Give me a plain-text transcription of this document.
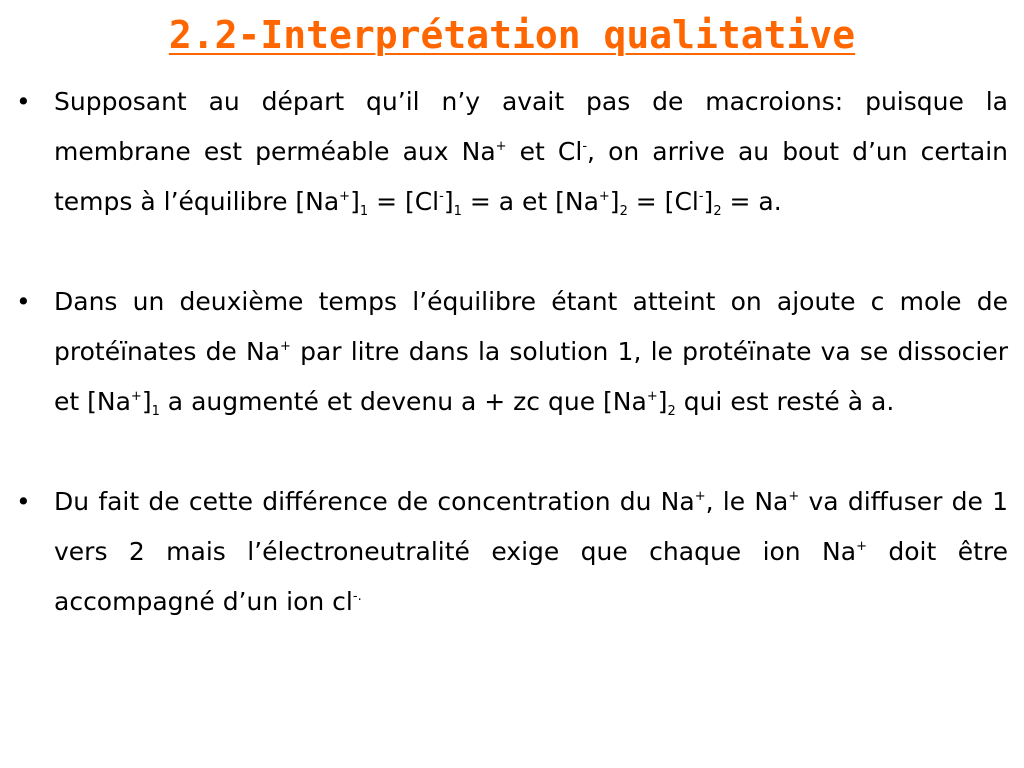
2.2-Interprétation qualitative
• Supposant au départ qu’il n’y avait pas de macroions: puisque la membrane est perméable aux Na+ et Cl-, on arrive au bout d’un certain temps à l’équilibre $[Na^+]_1 = [Cl^-]_1 = a$ et $[Na^+]_2 = [Cl^-]_2 = a$.
• Dans un deuxième temps l’équilibre étant atteint on ajoute c mole de protéïnates de Na+ par litre dans la solution 1, le protéïnate va se dissocier et $[Na^+]_1$ a augmenté et devenu a + zc que $[Na^+]_2$ qui est resté à a.
• Du fait de cette différence de concentration du Na+, le Na+ va diffuser de 1 vers 2 mais l’électroneutralité exige que chaque ion Na+ doit être accompagné d’un ion cl-.
